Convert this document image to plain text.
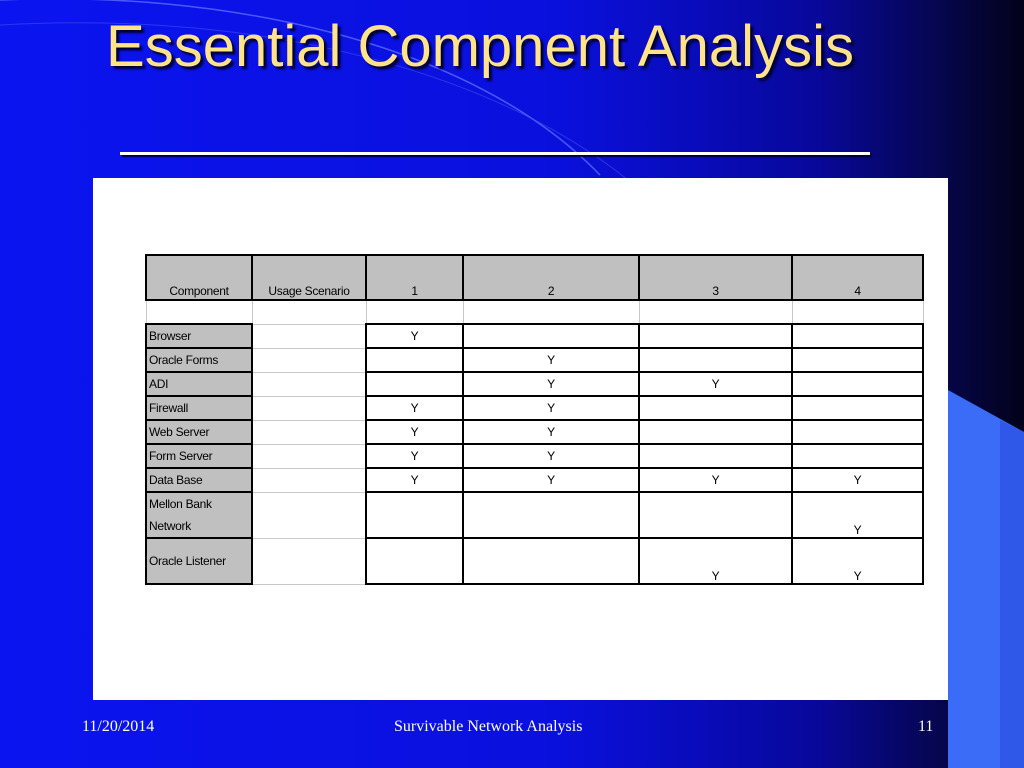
Essential Compnent Analysis
Component	Usage Scenario	1	2	3	4

Browser		Y			
Oracle Forms			Y		
ADI			Y	Y	
Firewall		Y	Y		
Web Server		Y	Y		
Form Server		Y	Y		
Data Base		Y	Y	Y	Y
Mellon Bank Network					Y
Oracle Listener				Y	Y
11/20/2014	Survivable Network Analysis	11
